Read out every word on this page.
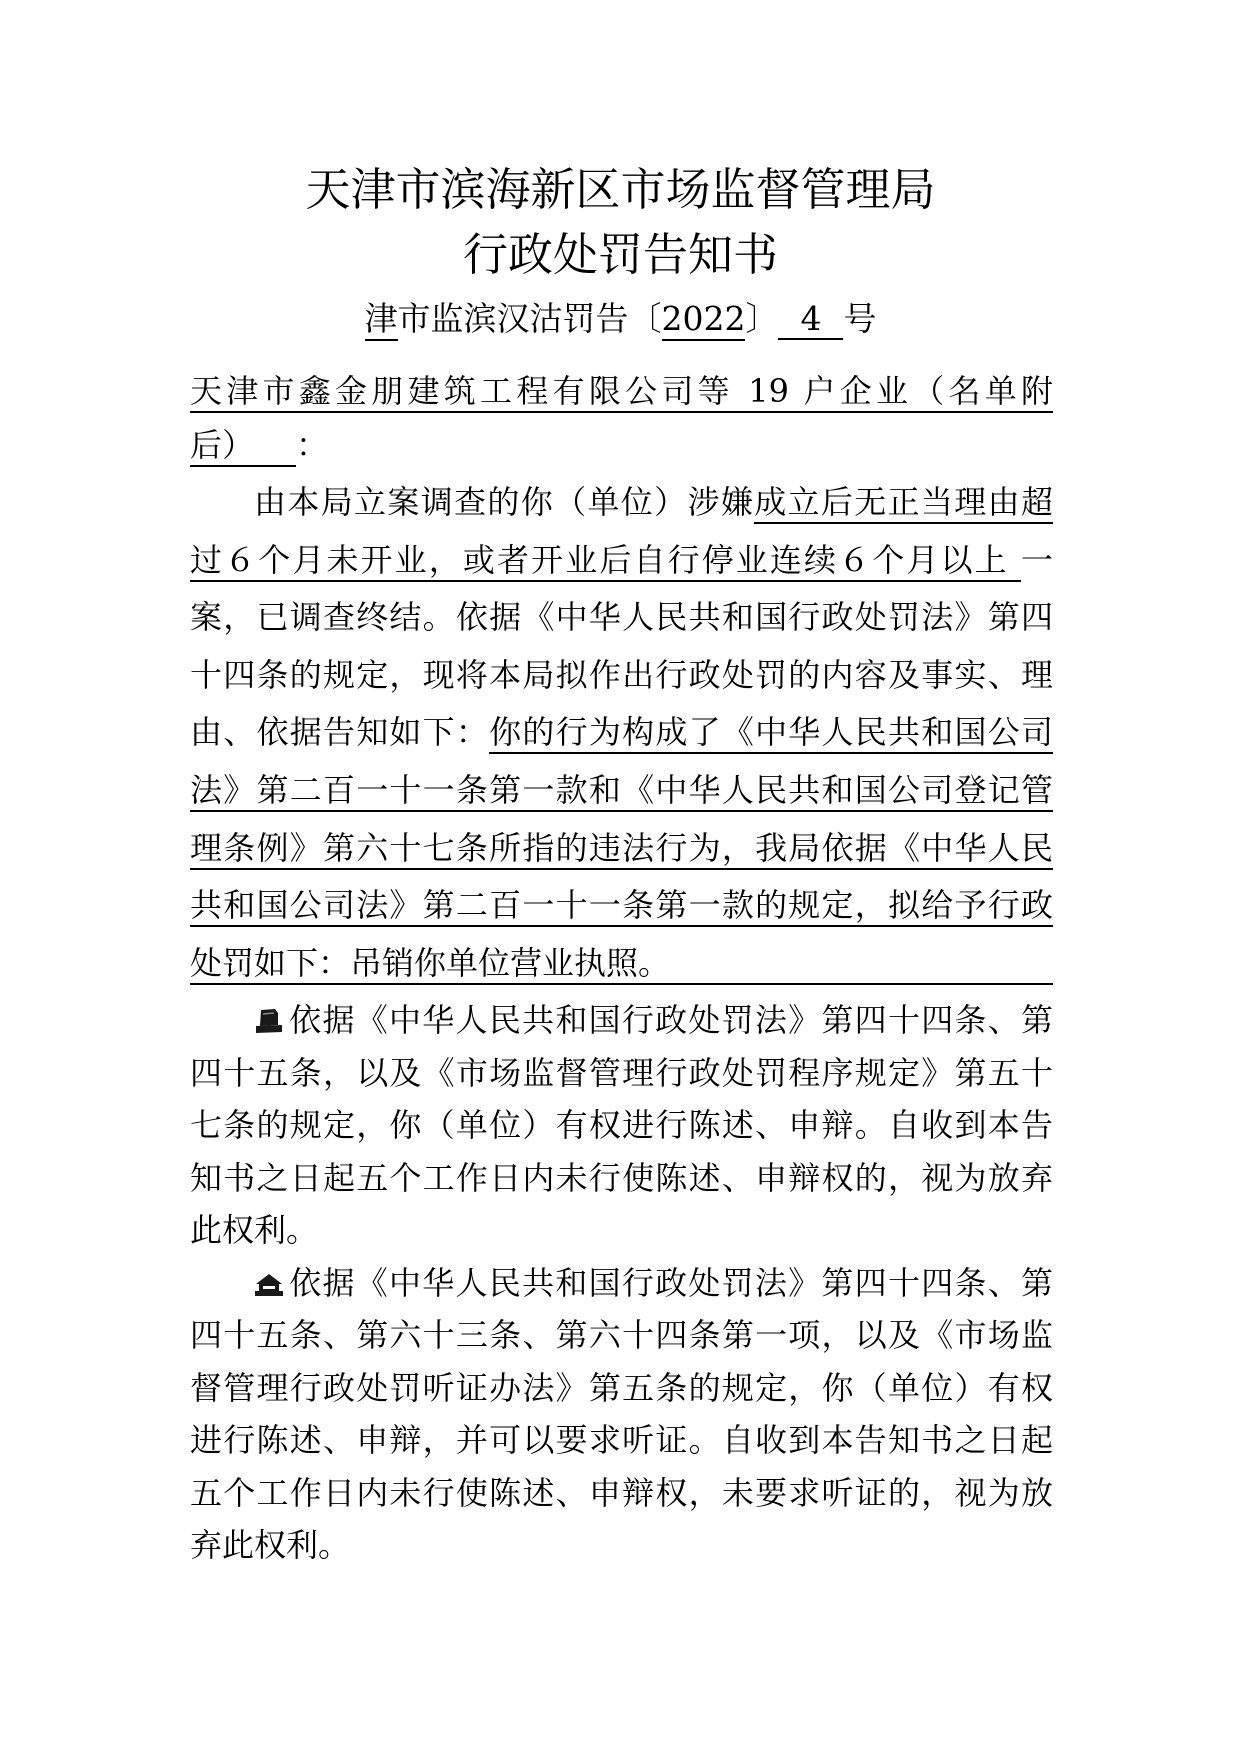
天津市滨海新区市场监督管理局
行政处罚告知书
津市监滨汉沽罚告〔2022〕 4 号
天津市鑫金朋建筑工程有限公司等 19 户企业（名单附
后） ：
由本局立案调查的你（单位）涉嫌成立后无正当理由超
过６个月未开业，或者开业后自行停业连续６个月以上 一
案，已调查终结。依据《中华人民共和国行政处罚法》第四
十四条的规定，现将本局拟作出行政处罚的内容及事实、理
由、依据告知如下：你的行为构成了《中华人民共和国公司
法》第二百一十一条第一款和《中华人民共和国公司登记管
理条例》第六十七条所指的违法行为，我局依据《中华人民
共和国公司法》第二百一十一条第一款的规定，拟给予行政
处罚如下：吊销你单位营业执照。
依据《中华人民共和国行政处罚法》第四十四条、第
四十五条，以及《市场监督管理行政处罚程序规定》第五十
七条的规定，你（单位）有权进行陈述、申辩。自收到本告
知书之日起五个工作日内未行使陈述、申辩权的，视为放弃
此权利。
依据《中华人民共和国行政处罚法》第四十四条、第
四十五条、第六十三条、第六十四条第一项，以及《市场监
督管理行政处罚听证办法》第五条的规定，你（单位）有权
进行陈述、申辩，并可以要求听证。自收到本告知书之日起
五个工作日内未行使陈述、申辩权，未要求听证的，视为放
弃此权利。
